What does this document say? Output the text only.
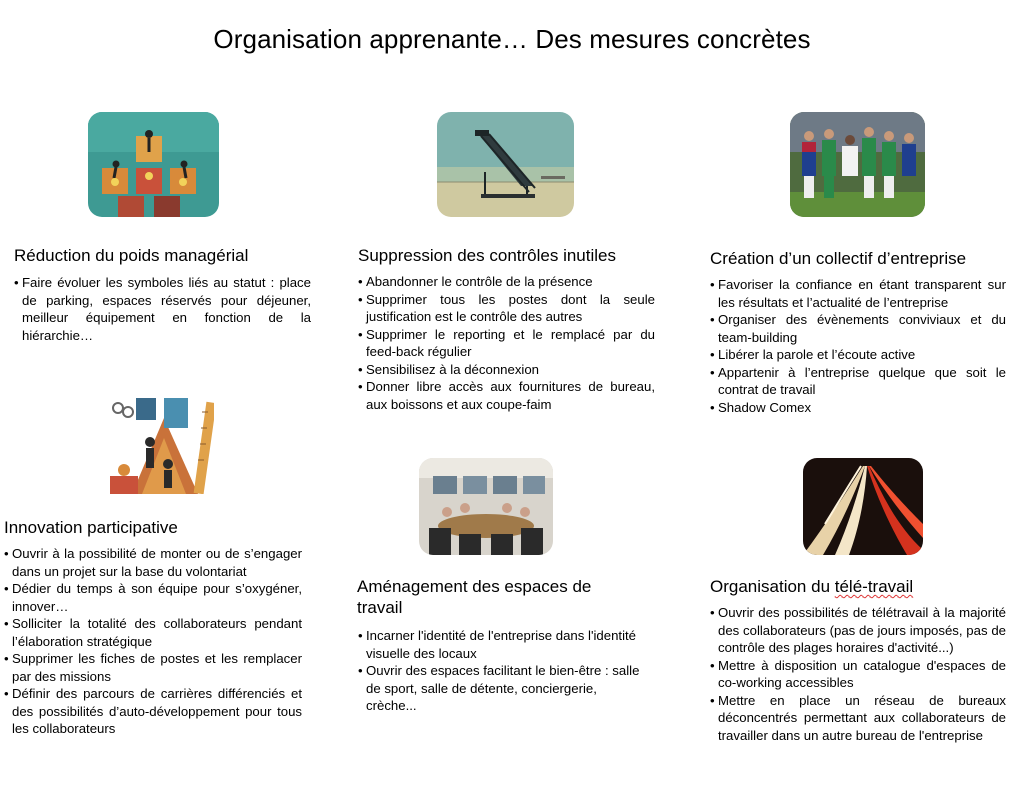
Organisation apprenante… Des mesures concrètes
Réduction du poids managérial
• Faire évoluer les symboles liés au statut : place de parking, espaces réservés pour déjeuner, meilleur équipement en fonction de la hiérarchie…
Suppression des contrôles inutiles
• Abandonner le contrôle de la présence
• Supprimer tous les postes dont la seule justification est le contrôle des autres
• Supprimer le reporting et le remplacé par du feed-back régulier
• Sensibilisez à la déconnexion
• Donner libre accès aux fournitures de bureau, aux boissons et aux coupe-faim
Création d’un collectif d’entreprise
• Favoriser la confiance en étant transparent sur les résultats et l’actualité de l’entreprise
• Organiser des évènements conviviaux et du team-building
• Libérer la parole et l’écoute active
• Appartenir à l’entreprise quelque que soit le contrat de travail
• Shadow Comex
Innovation participative
• Ouvrir à la possibilité de monter ou de s’engager dans un projet sur la base du volontariat
• Dédier du temps à son équipe pour s’oxygéner, innover…
• Solliciter la totalité des collaborateurs pendant l’élaboration stratégique
• Supprimer les fiches de postes et les remplacer par des missions
• Définir des parcours de carrières différenciés et des possibilités d’auto-développement pour tous les collaborateurs
Aménagement des espaces de travail
• Incarner l'identité de l'entreprise dans l'identité visuelle des locaux
• Ouvrir des espaces facilitant le bien-être : salle de sport, salle de détente, conciergerie, crèche...
Organisation du télé-travail
• Ouvrir des possibilités de télétravail à la majorité des collaborateurs (pas de jours imposés, pas de contrôle des plages horaires d'activité...)
• Mettre à disposition un catalogue d'espaces de co-working accessibles
• Mettre en place un réseau de bureaux déconcentrés permettant aux collaborateurs de travailler dans un autre bureau de l'entreprise
